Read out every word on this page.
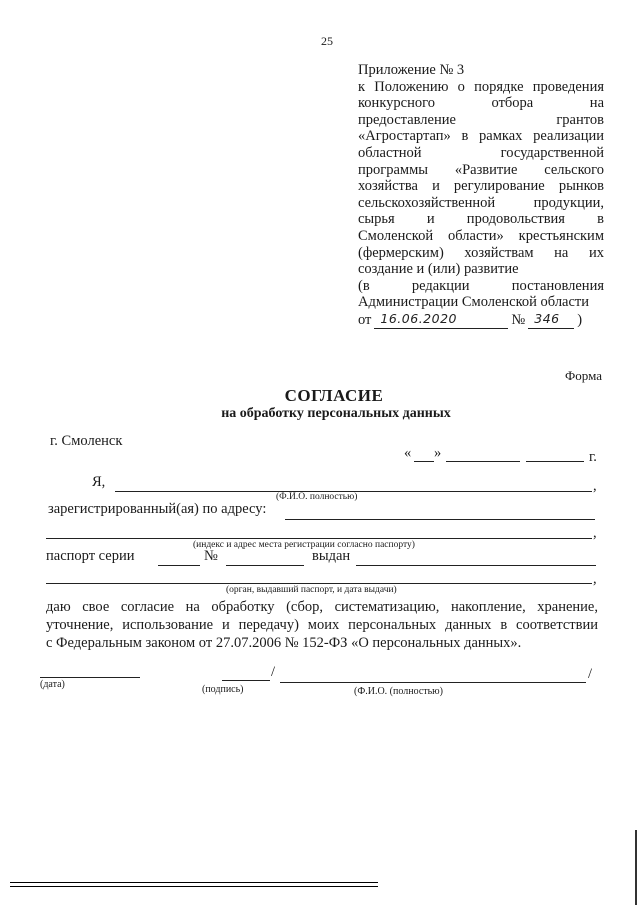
25
Приложение № 3
к Положению о порядке проведения
конкурсного отбора на
предоставление грантов
«Агростартап» в рамках реализации
областной государственной
программы «Развитие сельского
хозяйства и регулирование рынков
сельскохозяйственной продукции,
сырья и продовольствия в
Смоленской области» крестьянским
(фермерским) хозяйствам на их
создание и (или) развитие
(в редакции постановления
Администрации Смоленской области
от 16.06.2020	№ 346	)
Форма
СОГЛАСИЕ
на обработку персональных данных
г. Смоленск
« »	г.
Я,	,
(Ф.И.О. полностью)
зарегистрированный(ая) по адресу:
,
(индекс и адрес места регистрации согласно паспорту)
паспорт серии	№	выдан
,
(орган, выдавший паспорт, и дата выдачи)
даю свое согласие на обработку (сбор, систематизацию, накопление, хранение,
уточнение, использование и передачу) моих персональных данных в соответствии
с Федеральным законом от 27.07.2006 № 152-ФЗ «О персональных данных».
(дата)
/	/
(подпись)	(Ф.И.О. (полностью)
